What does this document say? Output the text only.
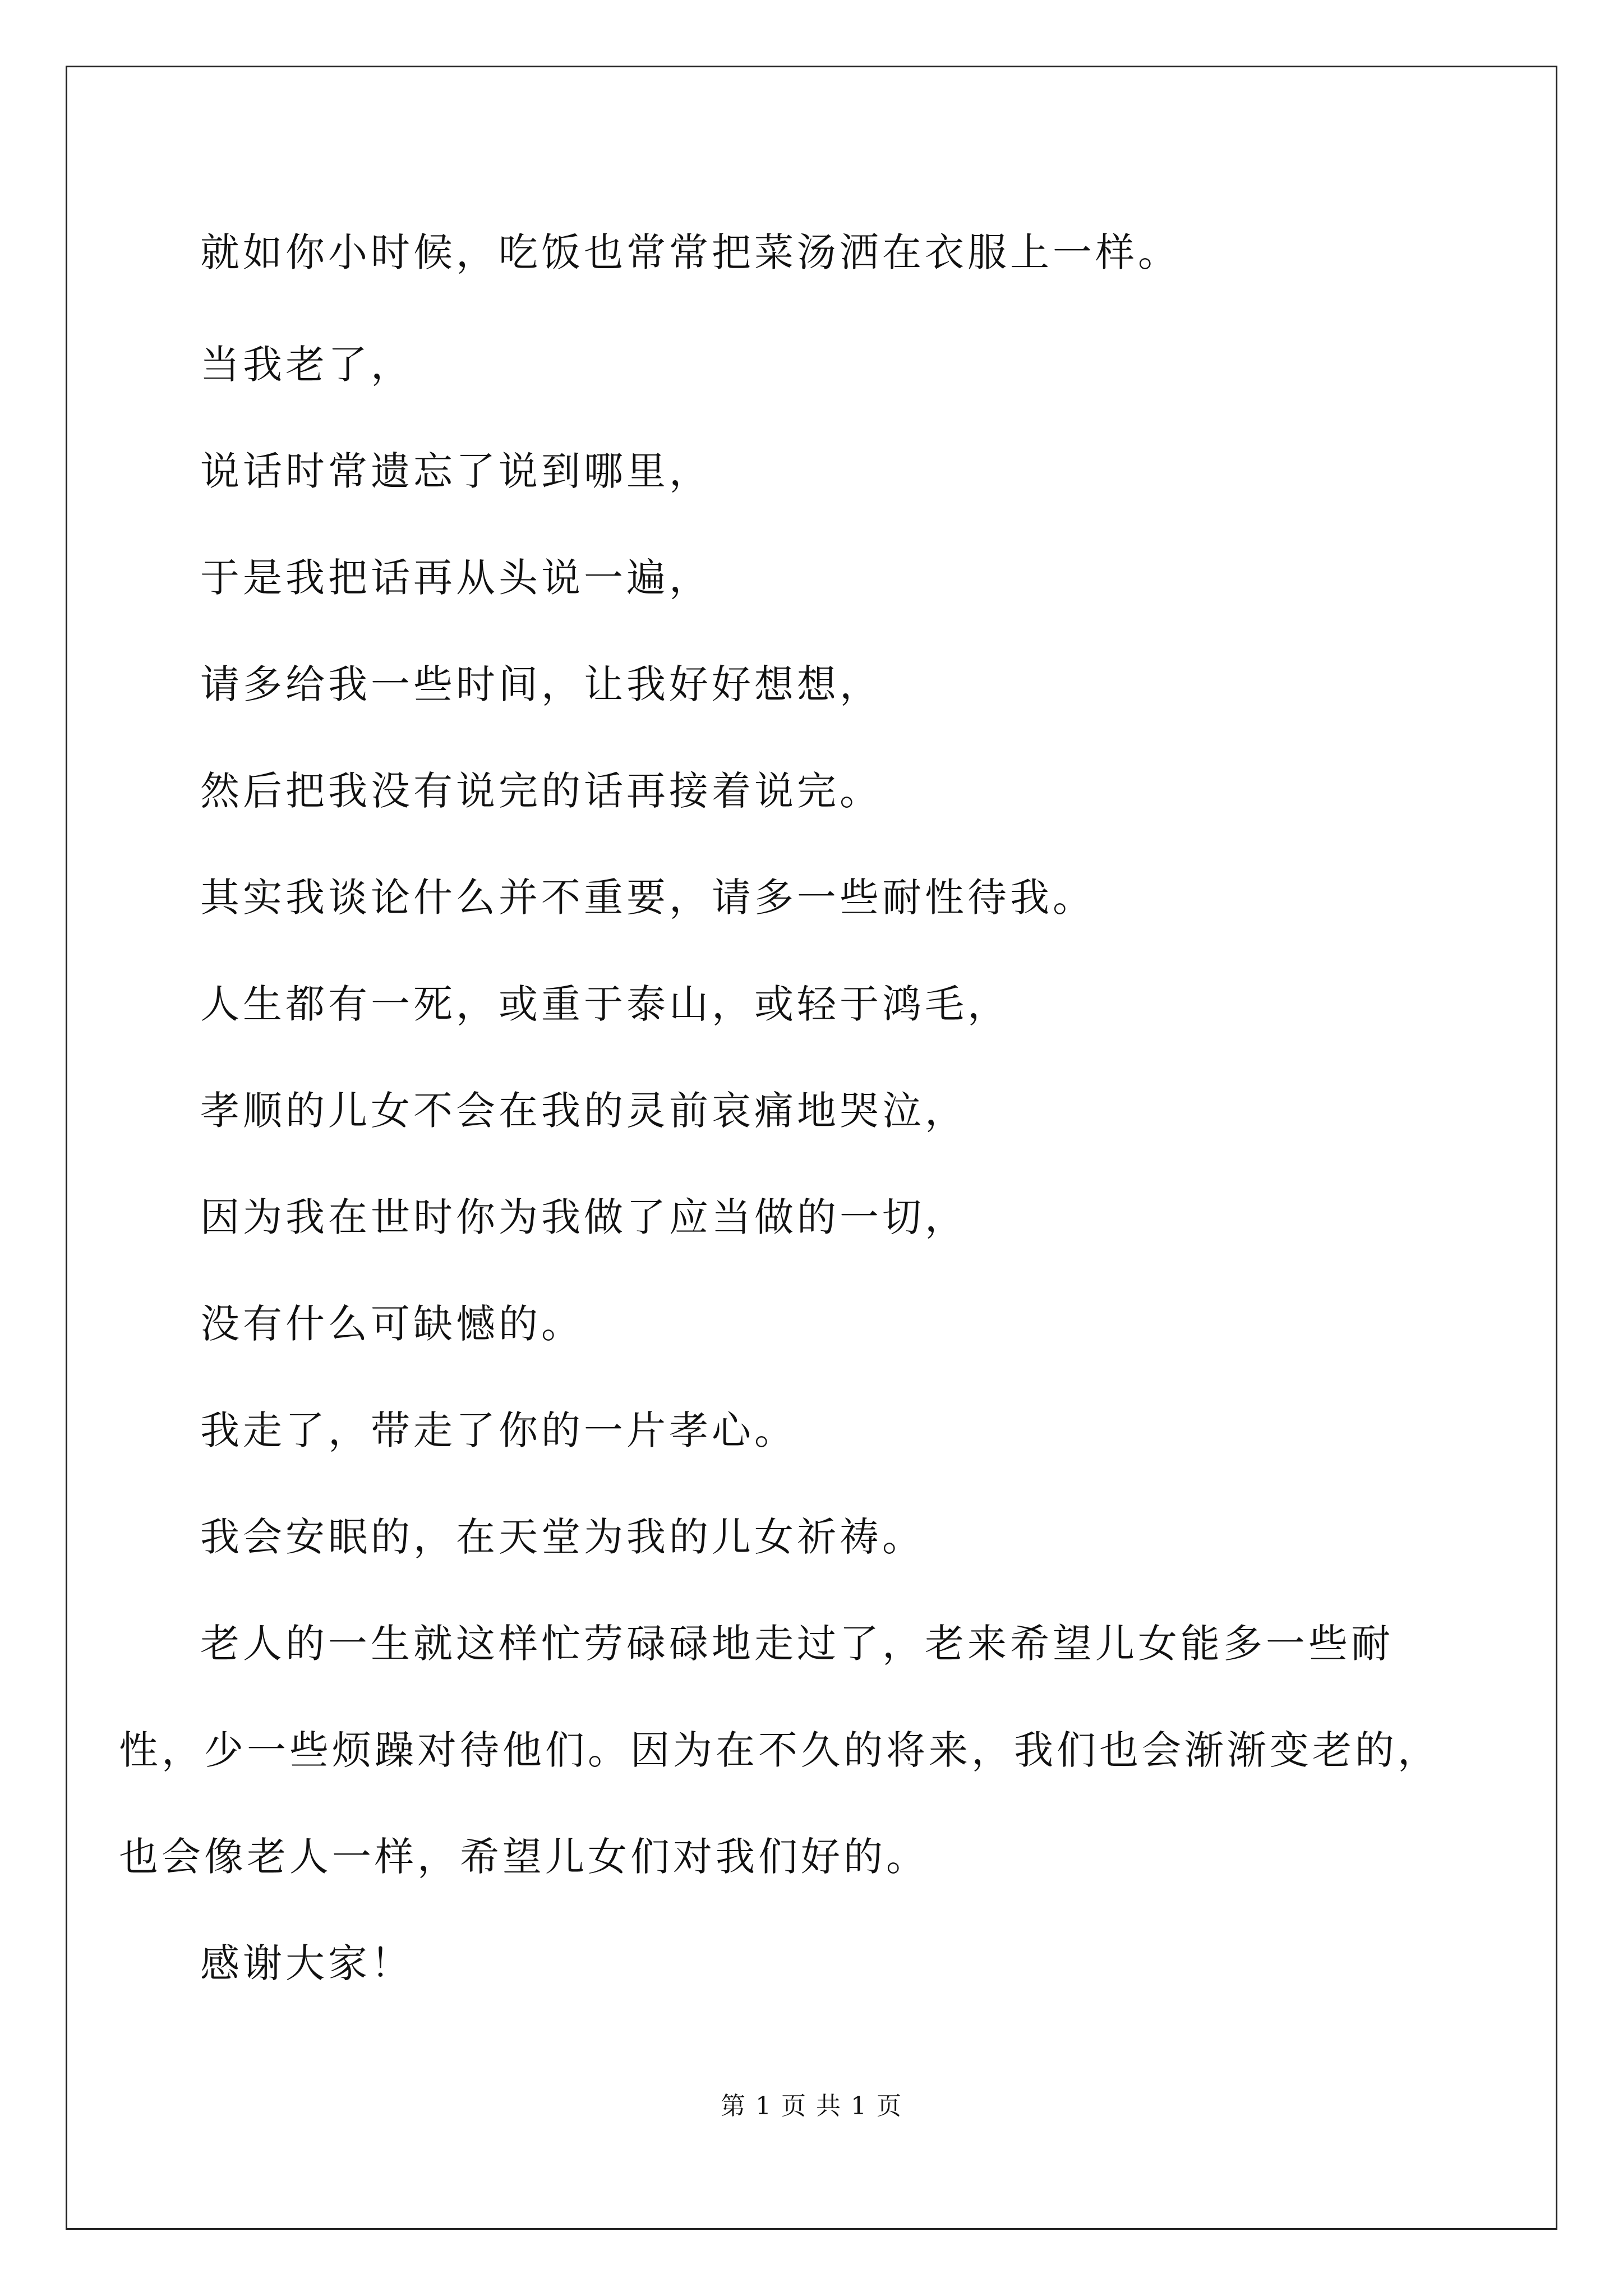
就如你小时候，吃饭也常常把菜汤洒在衣服上一样。

当我老了，

说话时常遗忘了说到哪里，

于是我把话再从头说一遍，

请多给我一些时间，让我好好想想，

然后把我没有说完的话再接着说完。

其实我谈论什么并不重要，请多一些耐性待我。

人生都有一死，或重于泰山，或轻于鸿毛，

孝顺的儿女不会在我的灵前哀痛地哭泣，

因为我在世时你为我做了应当做的一切，

没有什么可缺憾的。

我走了，带走了你的一片孝心。

我会安眠的，在天堂为我的儿女祈祷。

老人的一生就这样忙劳碌碌地走过了，老来希望儿女能多一些耐

性，少一些烦躁对待他们。因为在不久的将来，我们也会渐渐变老的，

也会像老人一样，希望儿女们对我们好的。

感谢大家！

第 1 页 共 1 页
